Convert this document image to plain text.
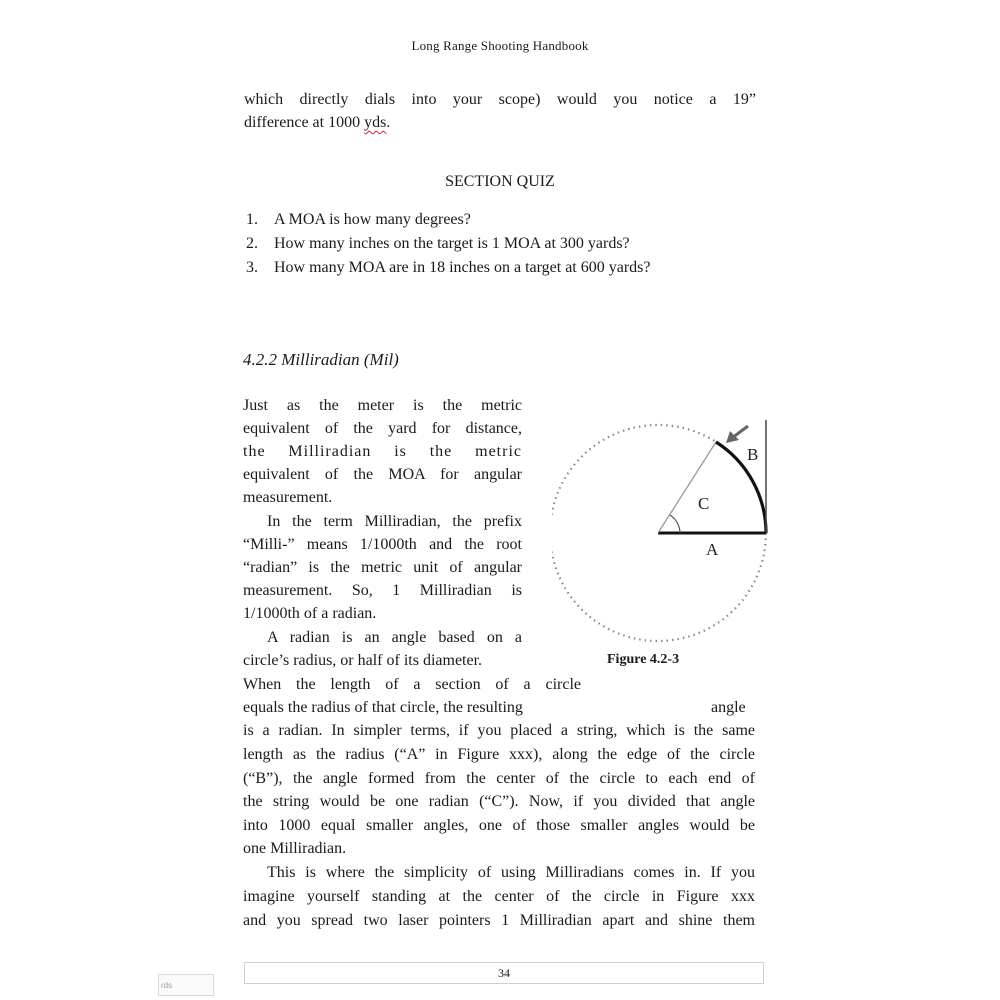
Long Range Shooting Handbook
which directly dials into your scope) would you notice a 19”
difference at 1000 yds.
SECTION QUIZ
1. A MOA is how many degrees?
2. How many inches on the target is 1 MOA at 300 yards?
3. How many MOA are in 18 inches on a target at 600 yards?
4.2.2 Milliradian (Mil)
Just as the meter is the metric
equivalent of the yard for distance,
the Milliradian is the metric
equivalent of the MOA for angular
measurement.
In the term Milliradian, the prefix
“Milli-” means 1/1000th and the root
“radian” is the metric unit of angular
measurement. So, 1 Milliradian is
1/1000th of a radian.
A radian is an angle based on a
circle’s radius, or half of its diameter.
When the length of a section of a circle
equals the radius of that circle, the resulting	angle
is a radian. In simpler terms, if you placed a string, which is the same
length as the radius (“A” in Figure xxx), along the edge of the circle
(“B”), the angle formed from the center of the circle to each end of
the string would be one radian (“C”). Now, if you divided that angle
into 1000 equal smaller angles, one of those smaller angles would be
one Milliradian.
This is where the simplicity of using Milliradians comes in. If you
imagine yourself standing at the center of the circle in Figure xxx
and you spread two laser pointers 1 Milliradian apart and shine them
C
A
B
Figure 4.2-3
34
rds
